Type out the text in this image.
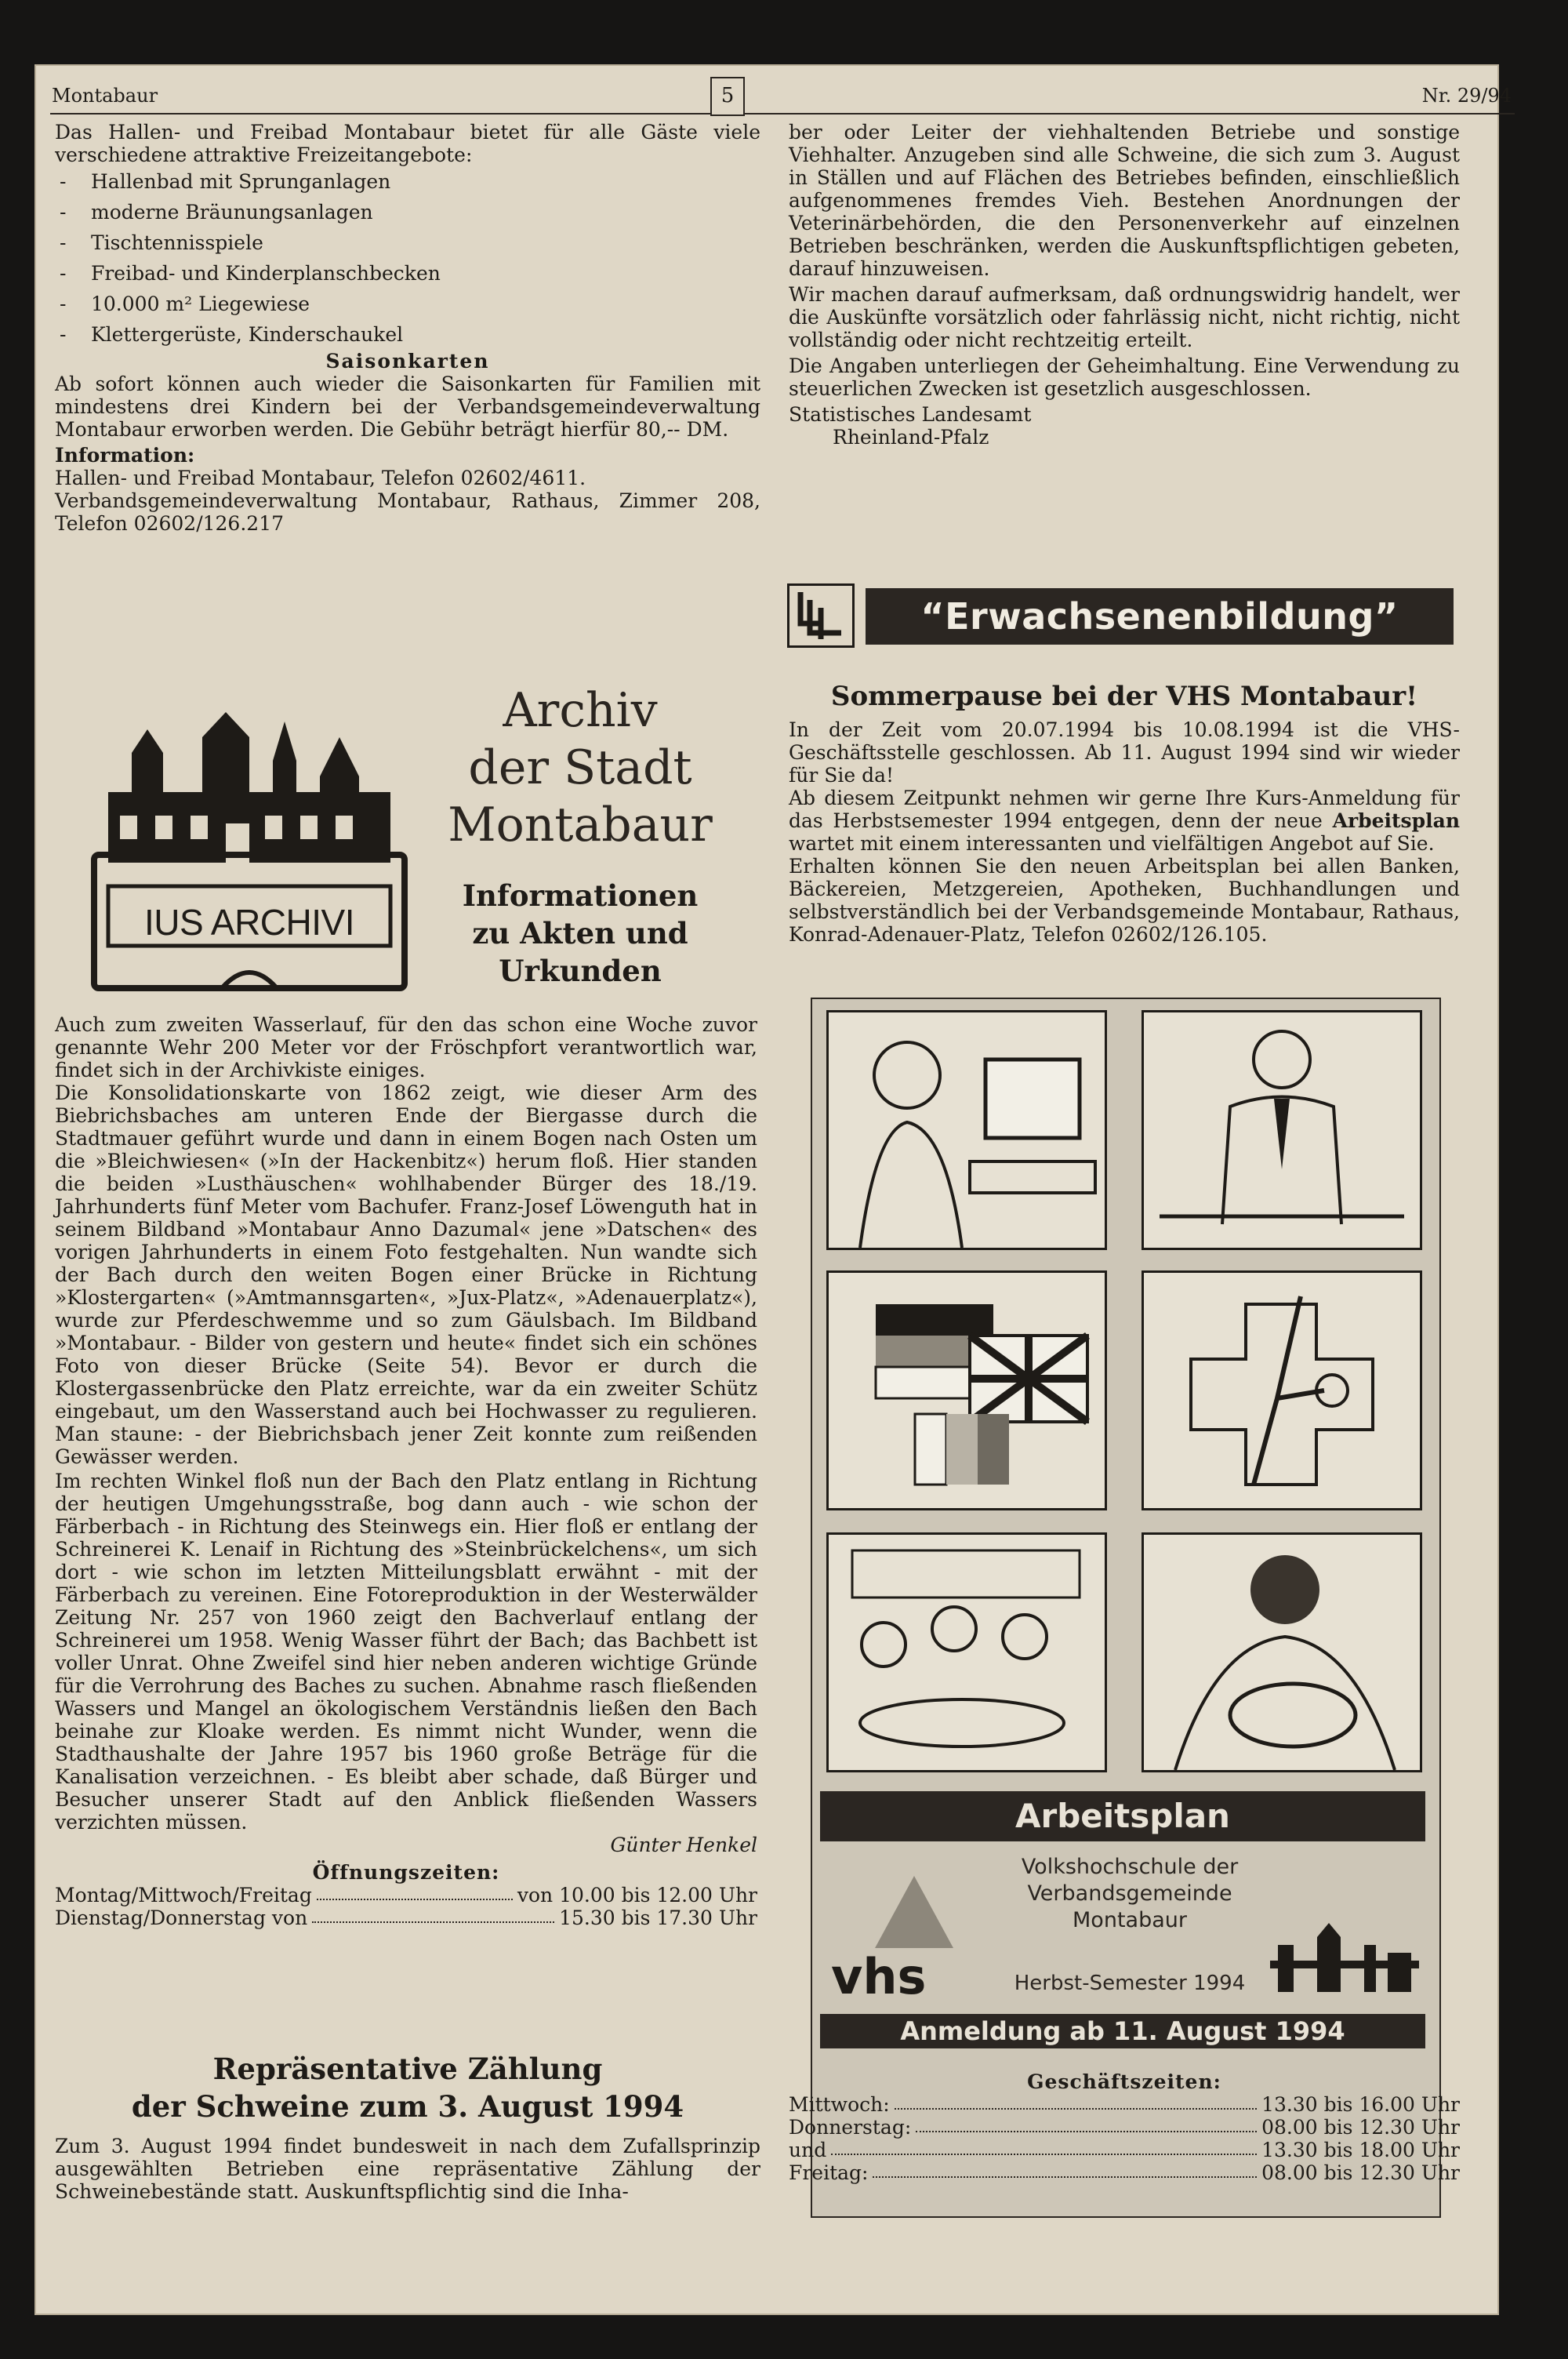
Montabaur	Nr. 29/94
5

Das Hallen- und Freibad Montabaur bietet für alle Gäste viele verschiedene attraktive Freizeitangebote:

- Hallenbad mit Sprunganlagen
- moderne Bräunungsanlagen
- Tischtennisspiele
- Freibad- und Kinderplanschbecken
- 10.000 m² Liegewiese
- Klettergerüste, Kinderschaukel
Saisonkarten

Ab sofort können auch wieder die Saisonkarten für Familien mit mindestens drei Kindern bei der Verbandsgemeindeverwaltung Montabaur erworben werden. Die Gebühr beträgt hierfür 80,-- DM.

Information:

Hallen- und Freibad Montabaur, Telefon 02602/4611.

Verbandsgemeindeverwaltung Montabaur, Rathaus, Zimmer 208, Telefon 02602/126.217

IUS ARCHIVI
Archiv
der Stadt
Montabaur
Informationen
zu Akten und
Urkunden

Auch zum zweiten Wasserlauf, für den das schon eine Woche zuvor genannte Wehr 200 Meter vor der Fröschpfort verantwortlich war, findet sich in der Archivkiste einiges.

Die Konsolidationskarte von 1862 zeigt, wie dieser Arm des Biebrichsbaches am unteren Ende der Biergasse durch die Stadtmauer geführt wurde und dann in einem Bogen nach Osten um die »Bleichwiesen« (»In der Hackenbitz«) herum floß. Hier standen die beiden »Lusthäuschen« wohlhabender Bürger des 18./19. Jahrhunderts fünf Meter vom Bachufer. Franz-Josef Löwenguth hat in seinem Bildband »Montabaur Anno Dazumal« jene »Datschen« des vorigen Jahrhunderts in einem Foto festgehalten. Nun wandte sich der Bach durch den weiten Bogen einer Brücke in Richtung »Klostergarten« (»Amtmannsgarten«, »Jux-Platz«, »Adenauerplatz«), wurde zur Pferdeschwemme und so zum Gäulsbach. Im Bildband »Montabaur. - Bilder von gestern und heute« findet sich ein schönes Foto von dieser Brücke (Seite 54). Bevor er durch die Klostergassenbrücke den Platz erreichte, war da ein zweiter Schütz eingebaut, um den Wasserstand auch bei Hochwasser zu regulieren. Man staune: - der Biebrichsbach jener Zeit konnte zum reißenden Gewässer werden.

Im rechten Winkel floß nun der Bach den Platz entlang in Richtung der heutigen Umgehungsstraße, bog dann auch - wie schon der Färberbach - in Richtung des Steinwegs ein. Hier floß er entlang der Schreinerei K. Lenaif in Richtung des »Steinbrückelchens«, um sich dort - wie schon im letzten Mitteilungsblatt erwähnt - mit der Färberbach zu vereinen. Eine Fotoreproduktion in der Westerwälder Zeitung Nr. 257 von 1960 zeigt den Bachverlauf entlang der Schreinerei um 1958. Wenig Wasser führt der Bach; das Bachbett ist voller Unrat. Ohne Zweifel sind hier neben anderen wichtige Gründe für die Verrohrung des Baches zu suchen. Abnahme rasch fließenden Wassers und Mangel an ökologischem Verständnis ließen den Bach beinahe zur Kloake werden. Es nimmt nicht Wunder, wenn die Stadthaushalte der Jahre 1957 bis 1960 große Beträge für die Kanalisation verzeichnen. - Es bleibt aber schade, daß Bürger und Besucher unserer Stadt auf den Anblick fließenden Wassers verzichten müssen.

Günter Henkel
Öffnungszeiten:
Montag/Mittwoch/Freitag	von 10.00 bis 12.00 Uhr
Dienstag/Donnerstag von	15.30 bis 17.30 Uhr
Repräsentative Zählung
der Schweine zum 3. August 1994

Zum 3. August 1994 findet bundesweit in nach dem Zufallsprinzip ausgewählten Betrieben eine repräsentative Zählung der Schweinebestände statt. Auskunftspflichtig sind die Inha-

ber oder Leiter der viehhaltenden Betriebe und sonstige Viehhalter. Anzugeben sind alle Schweine, die sich zum 3. August in Ställen und auf Flächen des Betriebes befinden, einschließlich aufgenommenes fremdes Vieh. Bestehen Anordnungen der Veterinärbehörden, die den Personenverkehr auf einzelnen Betrieben beschränken, werden die Auskunftspflichtigen gebeten, darauf hinzuweisen.

Wir machen darauf aufmerksam, daß ordnungswidrig handelt, wer die Auskünfte vorsätzlich oder fahrlässig nicht, nicht richtig, nicht vollständig oder nicht rechtzeitig erteilt.

Die Angaben unterliegen der Geheimhaltung. Eine Verwendung zu steuerlichen Zwecken ist gesetzlich ausgeschlossen.

Statistisches Landesamt
Rheinland-Pfalz
“Erwachsenenbildung”
Sommerpause bei der VHS Montabaur!

In der Zeit vom 20.07.1994 bis 10.08.1994 ist die VHS-Geschäftsstelle geschlossen. Ab 11. August 1994 sind wir wieder für Sie da!

Ab diesem Zeitpunkt nehmen wir gerne Ihre Kurs-Anmeldung für das Herbstsemester 1994 entgegen, denn der neue Arbeitsplan wartet mit einem interessanten und vielfältigen Angebot auf Sie.

Erhalten können Sie den neuen Arbeitsplan bei allen Banken, Bäckereien, Metzgereien, Apotheken, Buchhandlungen und selbstverständlich bei der Verbandsgemeinde Montabaur, Rathaus, Konrad-Adenauer-Platz, Telefon 02602/126.105.

Arbeitsplan
vhs
Volkshochschule der
Verbandsgemeinde
Montabaur
Herbst-Semester 1994
Anmeldung ab 11. August 1994
Geschäftszeiten:
Mittwoch:	13.30 bis 16.00 Uhr
Donnerstag:	08.00 bis 12.30 Uhr
und	13.30 bis 18.00 Uhr
Freitag:	08.00 bis 12.30 Uhr
